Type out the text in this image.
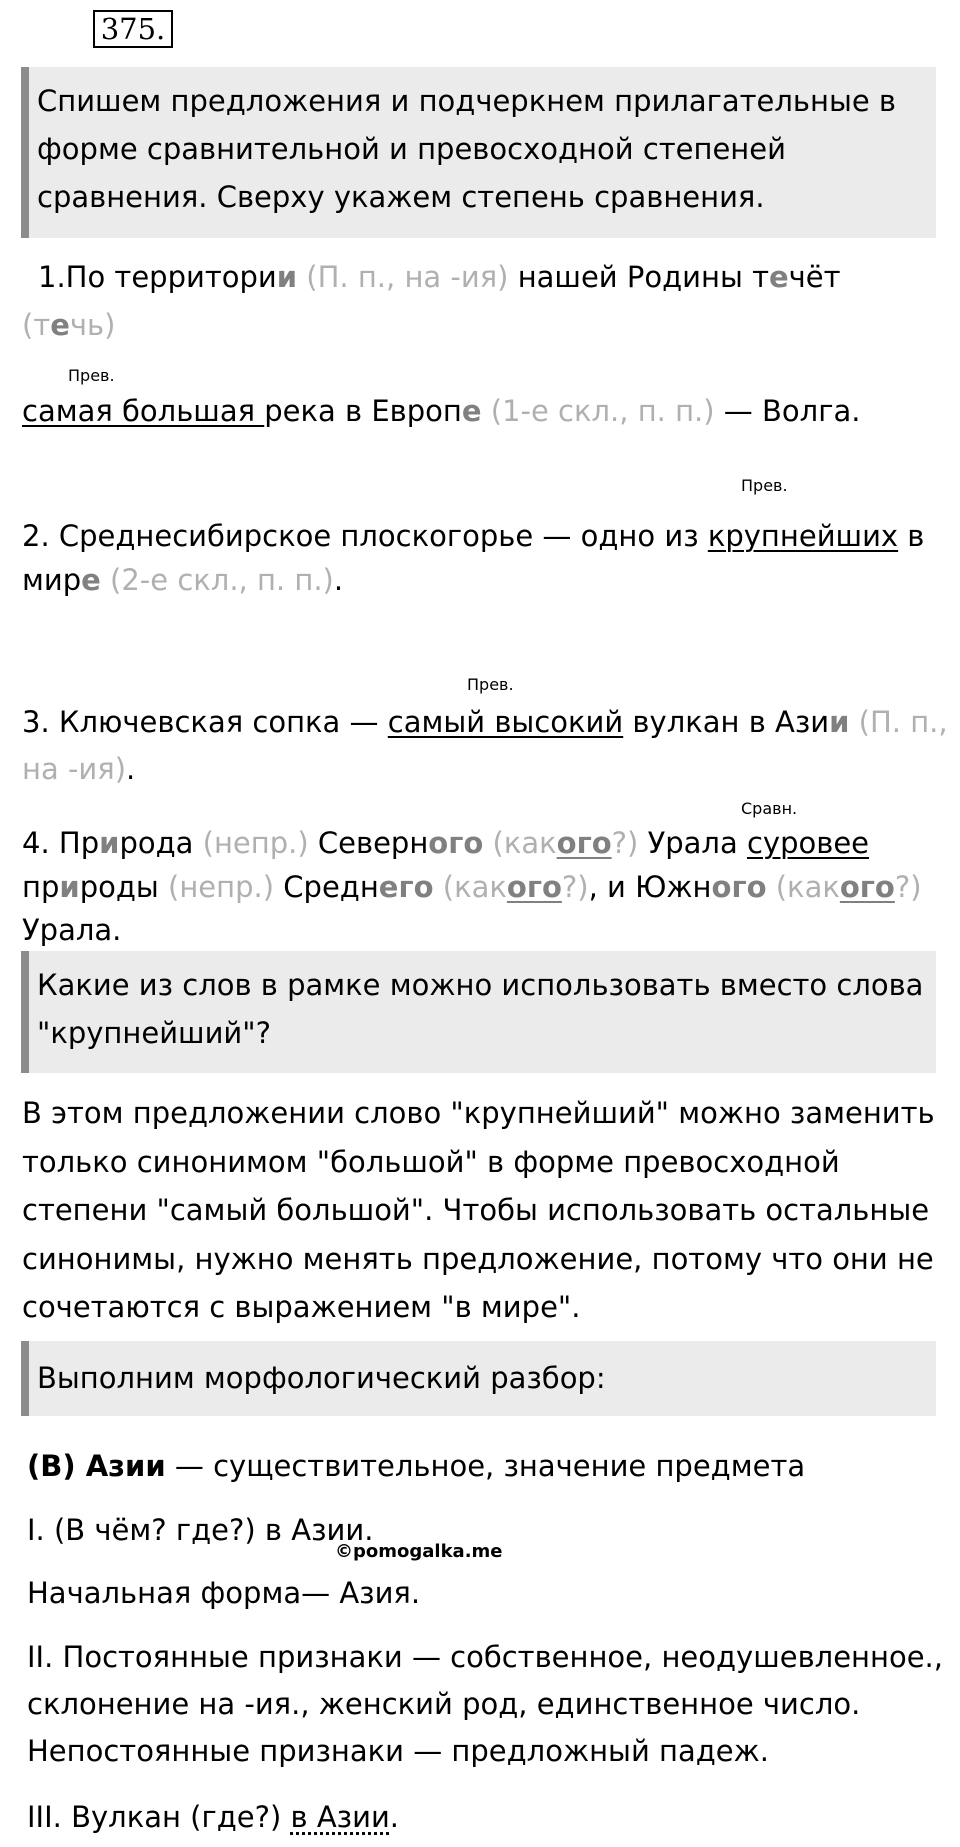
375.
Спишем предложения и подчеркнем прилагательные в
форме сравнительной и превосходной степеней
сравнения. Сверху укажем степень сравнения.
1.По территории (П. п., на -ия) нашей Родины течёт
(течь)
Прев.
самая большая река в Европе (1-е скл., п. п.) — Волга.
Прев.
2. Среднесибирское плоскогорье — одно из крупнейших в
мире (2-е скл., п. п.).
Прев.
3. Ключевская сопка — самый высокий вулкан в Азии (П. п.,
на -ия).
Сравн.
4. Природа (непр.) Северного (какого?) Урала суровее
природы (непр.) Среднего (какого?), и Южного (какого?)
Урала.
Какие из слов в рамке можно использовать вместо слова
"крупнейший"?
В этом предложении слово "крупнейший" можно заменить
только синонимом "большой" в форме превосходной
степени "самый большой". Чтобы использовать остальные
синонимы, нужно менять предложение, потому что они не
сочетаются с выражением "в мире".
Выполним морфологический разбор:
(В) Азии — существительное, значение предмета
I. (В чём? где?) в Азии.
©pomogalka.me
Начальная форма— Азия.
II. Постоянные признаки — собственное, неодушевленное.,
склонение на -ия., женский род, единственное число.
Непостоянные признаки — предложный падеж.
III. Вулкан (где?) в Азии.
